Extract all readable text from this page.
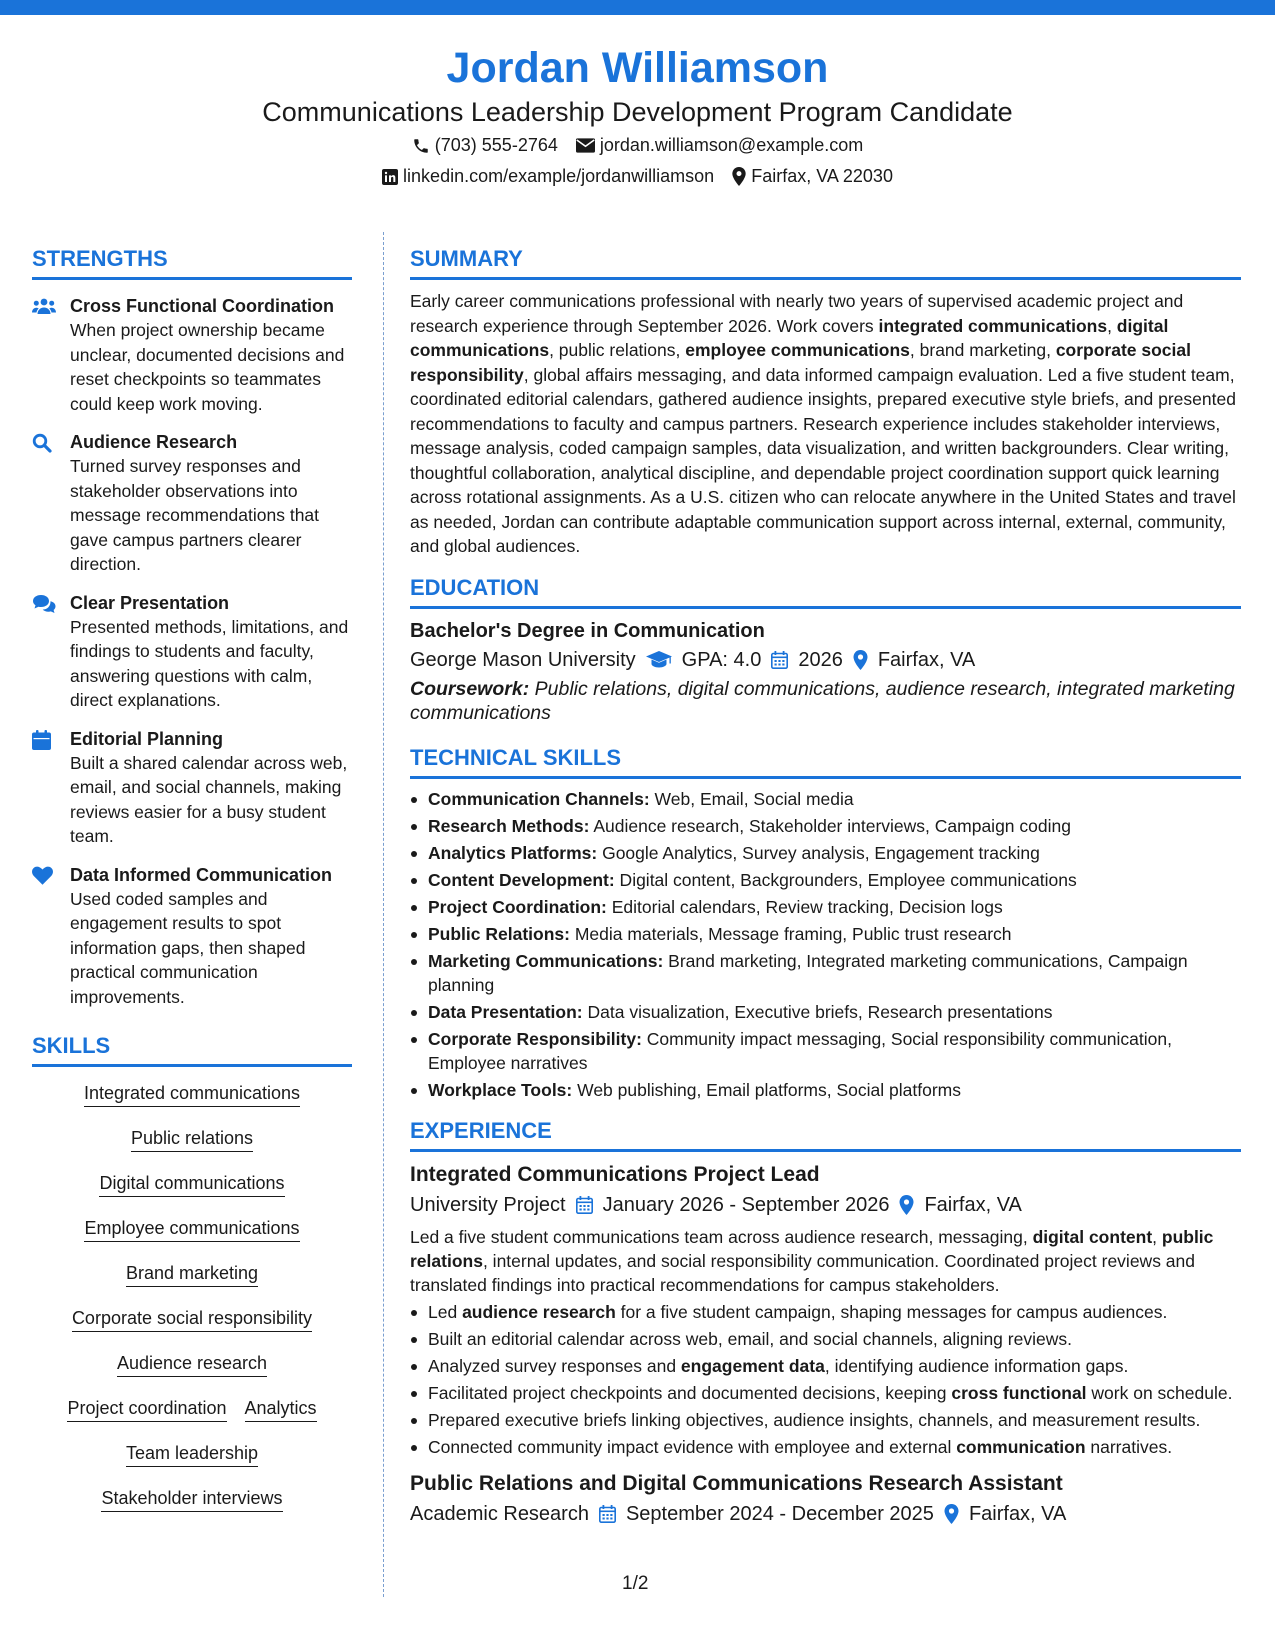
Jordan Williamson
Communications Leadership Development Program Candidate
(703) 555-2764 jordan.williamson@example.com
linkedin.com/example/jordanwilliamson Fairfax, VA 22030
STRENGTHS
Cross Functional Coordination
When project ownership became unclear, documented decisions and reset checkpoints so teammates could keep work moving.
Audience Research
Turned survey responses and stakeholder observations into message recommendations that gave campus partners clearer direction.
Clear Presentation
Presented methods, limitations, and findings to students and faculty, answering questions with calm, direct explanations.
Editorial Planning
Built a shared calendar across web, email, and social channels, making reviews easier for a busy student team.
Data Informed Communication
Used coded samples and engagement results to spot information gaps, then shaped practical communication improvements.
SKILLS
Integrated communications
Public relations
Digital communications
Employee communications
Brand marketing
Corporate social responsibility
Audience research
Project coordination Analytics
Team leadership
Stakeholder interviews
SUMMARY
Early career communications professional with nearly two years of supervised academic project and research experience through September 2026. Work covers integrated communications, digital communications, public relations, employee communications, brand marketing, corporate social responsibility, global affairs messaging, and data informed campaign evaluation. Led a five student team, coordinated editorial calendars, gathered audience insights, prepared executive style briefs, and presented recommendations to faculty and campus partners. Research experience includes stakeholder interviews, message analysis, coded campaign samples, data visualization, and written backgrounders. Clear writing, thoughtful collaboration, analytical discipline, and dependable project coordination support quick learning across rotational assignments. As a U.S. citizen who can relocate anywhere in the United States and travel as needed, Jordan can contribute adaptable communication support across internal, external, community, and global audiences.
EDUCATION
Bachelor's Degree in Communication
George Mason University GPA: 4.0 2026 Fairfax, VA
Coursework: Public relations, digital communications, audience research, integrated marketing communications
TECHNICAL SKILLS
Communication Channels: Web, Email, Social media
Research Methods: Audience research, Stakeholder interviews, Campaign coding
Analytics Platforms: Google Analytics, Survey analysis, Engagement tracking
Content Development: Digital content, Backgrounders, Employee communications
Project Coordination: Editorial calendars, Review tracking, Decision logs
Public Relations: Media materials, Message framing, Public trust research
Marketing Communications: Brand marketing, Integrated marketing communications, Campaign planning
Data Presentation: Data visualization, Executive briefs, Research presentations
Corporate Responsibility: Community impact messaging, Social responsibility communication, Employee narratives
Workplace Tools: Web publishing, Email platforms, Social platforms
EXPERIENCE
Integrated Communications Project Lead
University Project January 2026 - September 2026 Fairfax, VA
Led a five student communications team across audience research, messaging, digital content, public relations, internal updates, and social responsibility communication. Coordinated project reviews and translated findings into practical recommendations for campus stakeholders.
Led audience research for a five student campaign, shaping messages for campus audiences.
Built an editorial calendar across web, email, and social channels, aligning reviews.
Analyzed survey responses and engagement data, identifying audience information gaps.
Facilitated project checkpoints and documented decisions, keeping cross functional work on schedule.
Prepared executive briefs linking objectives, audience insights, channels, and measurement results.
Connected community impact evidence with employee and external communication narratives.
Public Relations and Digital Communications Research Assistant
Academic Research September 2024 - December 2025 Fairfax, VA
1/2
